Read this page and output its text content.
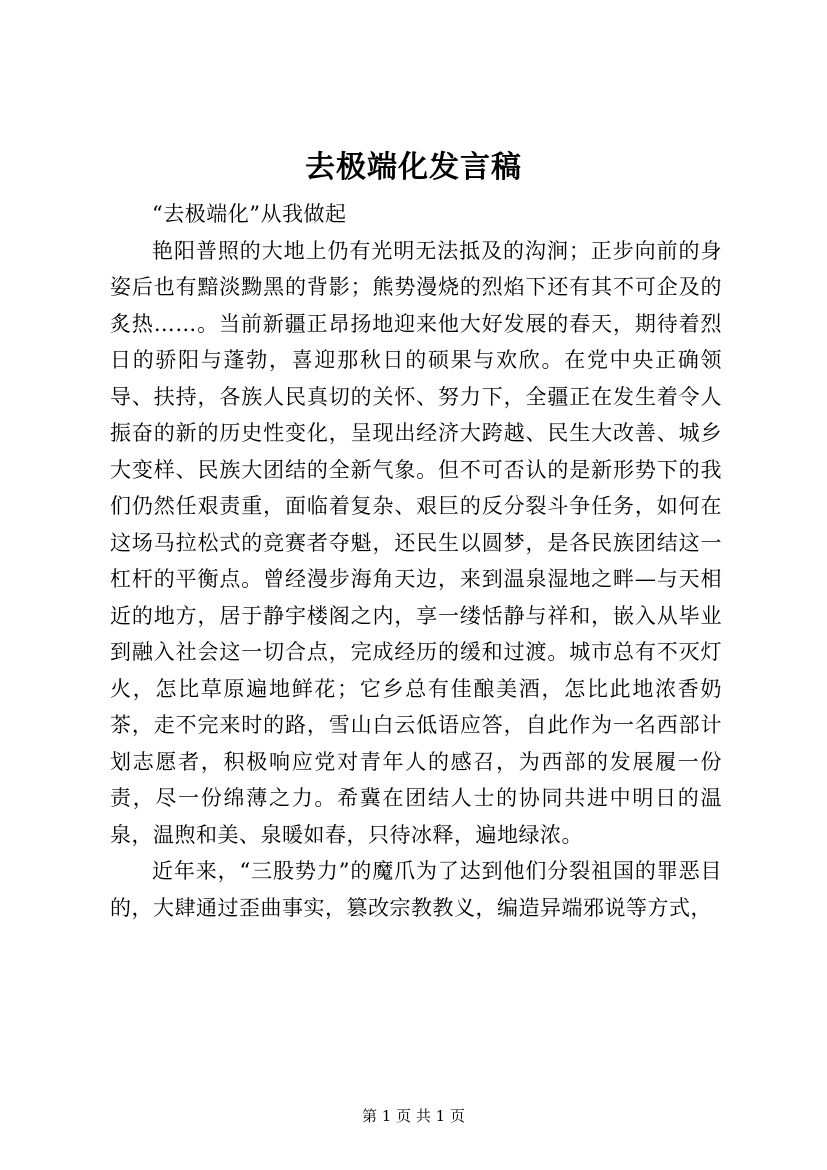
去极端化发言稿

“去极端化”从我做起

艳阳普照的大地上仍有光明无法抵及的沟涧；正步向前的身姿后也有黯淡黝黑的背影；熊势漫烧的烈焰下还有其不可企及的炙热……。当前新疆正昂扬地迎来他大好发展的春天，期待着烈日的骄阳与蓬勃，喜迎那秋日的硕果与欢欣。在党中央正确领导、扶持，各族人民真切的关怀、努力下，全疆正在发生着令人振奋的新的历史性变化，呈现出经济大跨越、民生大改善、城乡大变样、民族大团结的全新气象。但不可否认的是新形势下的我们仍然任艰责重，面临着复杂、艰巨的反分裂斗争任务，如何在这场马拉松式的竞赛者夺魁，还民生以圆梦，是各民族团结这一杠杆的平衡点。曾经漫步海角天边，来到温泉湿地之畔—与天相近的地方，居于静宇楼阁之内，享一缕恬静与祥和，嵌入从毕业到融入社会这一切合点，完成经历的缓和过渡。城市总有不灭灯火，怎比草原遍地鲜花；它乡总有佳酿美酒，怎比此地浓香奶茶，走不完来时的路，雪山白云低语应答，自此作为一名西部计划志愿者，积极响应党对青年人的感召，为西部的发展履一份责，尽一份绵薄之力。希冀在团结人士的协同共进中明日的温泉，温煦和美、泉暖如春，只待冰释，遍地绿浓。

近年来，“三股势力”的魔爪为了达到他们分裂祖国的罪恶目的，大肆通过歪曲事实，篡改宗教教义，编造异端邪说等方式，

第 1 页 共 1 页
